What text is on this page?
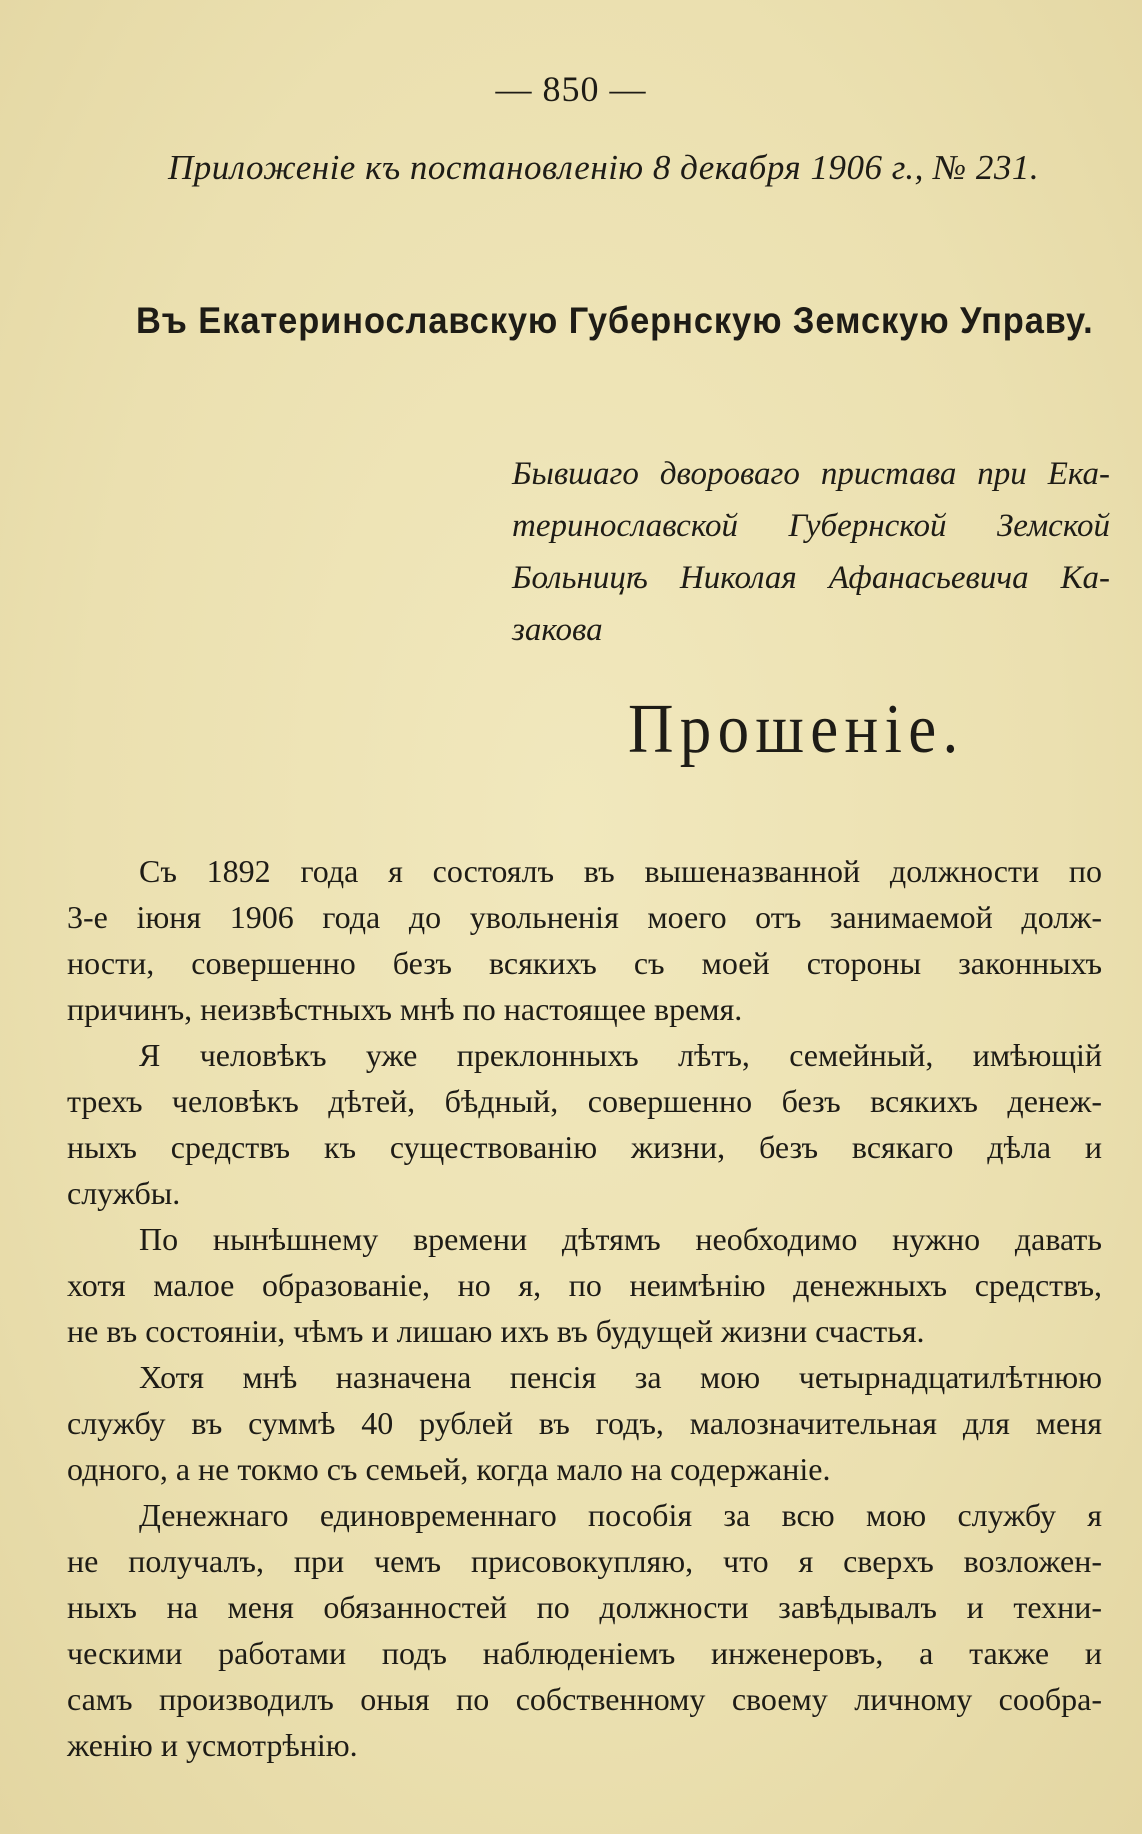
— 850 —
Приложеніе къ постановленію 8 декабря 1906 г., № 231.
Въ Екатеринославскую Губернскую Земскую Управу.
Бывшаго двороваго пристава при Ека-
теринославской Губернской Земской
Больницѣ Николая Афанасьевича Ка-
закова
Прошеніе.
Съ 1892 года я состоялъ въ вышеназванной должности по
3-е іюня 1906 года до увольненія моего отъ занимаемой долж-
ности, совершенно безъ всякихъ съ моей стороны законныхъ
причинъ, неизвѣстныхъ мнѣ по настоящее время.
Я человѣкъ уже преклонныхъ лѣтъ, семейный, имѣющій
трехъ человѣкъ дѣтей, бѣдный, совершенно безъ всякихъ денеж-
ныхъ средствъ къ существованію жизни, безъ всякаго дѣла и
службы.
По нынѣшнему времени дѣтямъ необходимо нужно давать
хотя малое образованіе, но я, по неимѣнію денежныхъ средствъ,
не въ состояніи, чѣмъ и лишаю ихъ въ будущей жизни счастья.
Хотя мнѣ назначена пенсія за мою четырнадцатилѣтнюю
службу въ суммѣ 40 рублей въ годъ, малозначительная для меня
одного, а не токмо съ семьей, когда мало на содержаніе.
Денежнаго единовременнаго пособія за всю мою службу я
не получалъ, при чемъ присовокупляю, что я сверхъ возложен-
ныхъ на меня обязанностей по должности завѣдывалъ и техни-
ческими работами подъ наблюденіемъ инженеровъ, а также и
самъ производилъ оныя по собственному своему личному сообра-
женію и усмотрѣнію.
